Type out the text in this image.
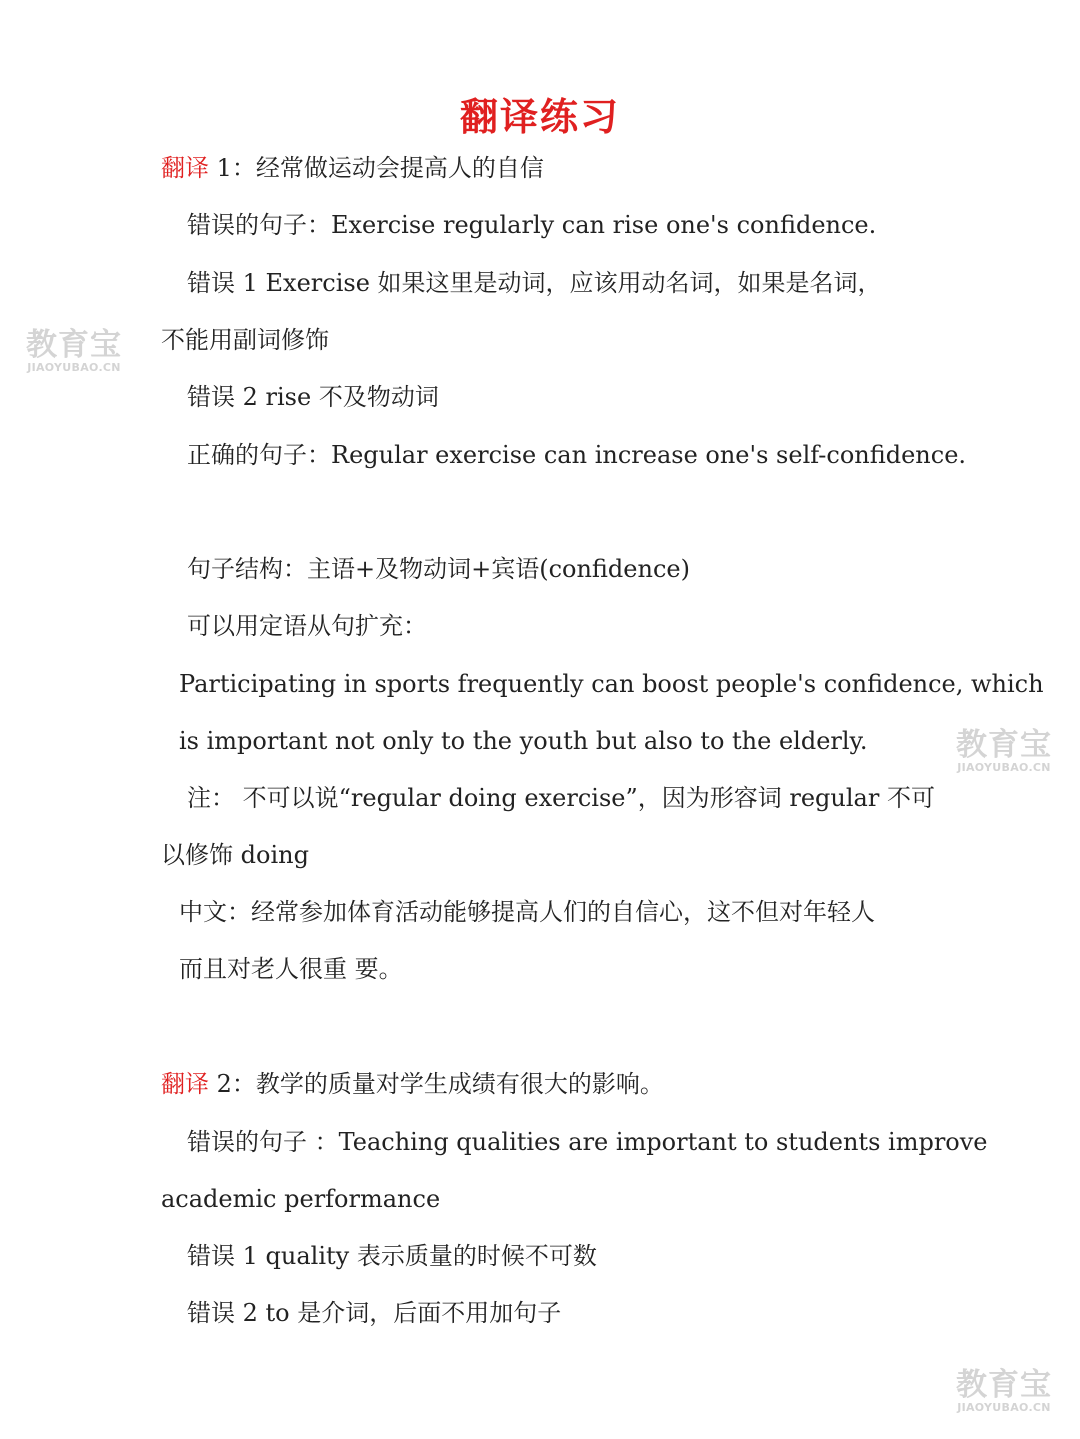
翻译练习
翻译 1：经常做运动会提高人的自信
错误的句子：Exercise regularly can rise one's confidence.
错误 1 Exercise 如果这里是动词，应该用动名词，如果是名词，
不能用副词修饰
错误 2 rise 不及物动词
正确的句子：Regular exercise can increase one's self-confidence.
句子结构：主语+及物动词+宾语(confidence)
可以用定语从句扩充：
Participating in sports frequently can boost people's confidence, which
is important not only to the youth but also to the elderly.
注： 不可以说“regular doing exercise”，因为形容词 regular 不可
以修饰 doing
中文：经常参加体育活动能够提高人们的自信心，这不但对年轻人
而且对老人很重 要。
翻译 2：教学的质量对学生成绩有很大的影响。
错误的句子 ：Teaching qualities are important to students improve
academic performance
错误 1 quality 表示质量的时候不可数
错误 2 to 是介词，后面不用加句子
教育宝
JIAOYUBAO.CN
教育宝
JIAOYUBAO.CN
教育宝
JIAOYUBAO.CN
